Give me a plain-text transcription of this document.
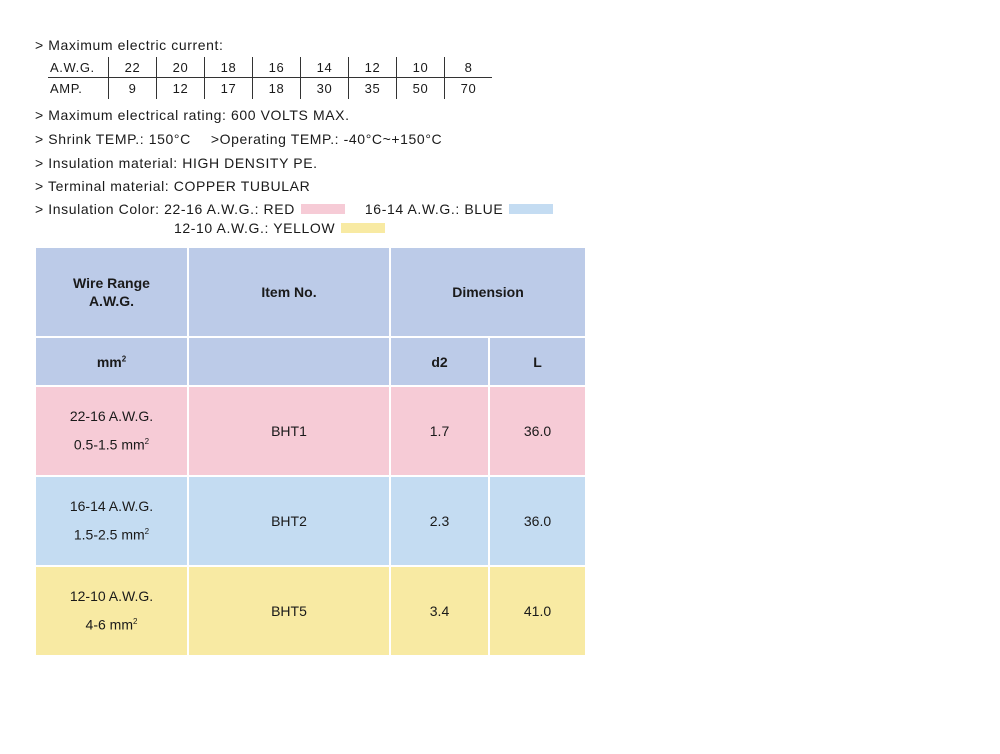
> Maximum electric current:
A.W.G.	22	20	18	16	14	12	10	8
AMP.	9	12	17	18	30	35	50	70
> Maximum electrical rating: 600 VOLTS MAX.
> Shrink TEMP.: 150°C >Operating TEMP.: -40°C~+150°C
> Insulation material: HIGH DENSITY PE.
> Terminal material: COPPER TUBULAR
> Insulation Color: 22-16 A.W.G.: RED	16-14 A.W.G.: BLUE
12-10 A.W.G.: YELLOW
Wire Range
A.W.G.	Item No.	Dimension	
$mm^2$		d2	L

22-16 A.W.G.
0.5-1.5 $mm^2$	BHT1	1.7	36.0

16-14 A.W.G.
1.5-2.5 $mm^2$	BHT2	2.3	36.0

12-10 A.W.G.
4-6 $mm^2$	BHT5	3.4	41.0
